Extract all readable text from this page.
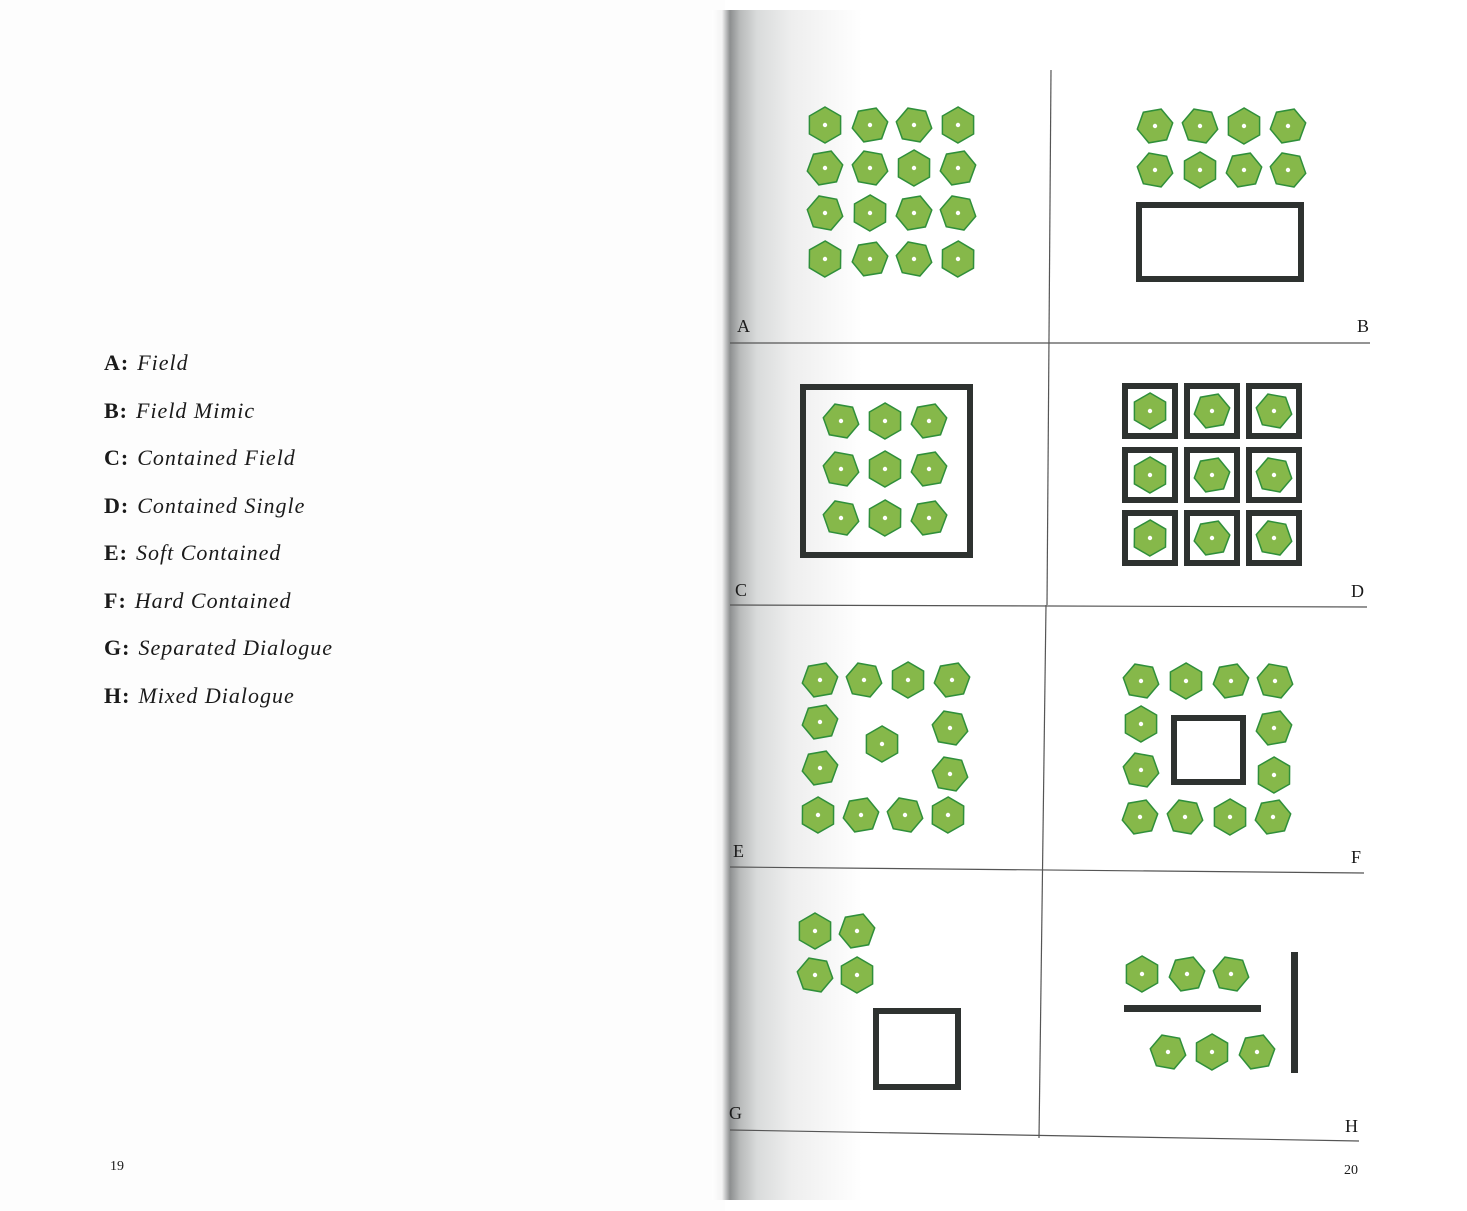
A: Field
B: Field Mimic
C: Contained Field
D: Contained Single
E: Soft Contained
F: Hard Contained
G: Separated Dialogue
H: Mixed Dialogue
19
A	B
C	D
E	F
G
H
20
